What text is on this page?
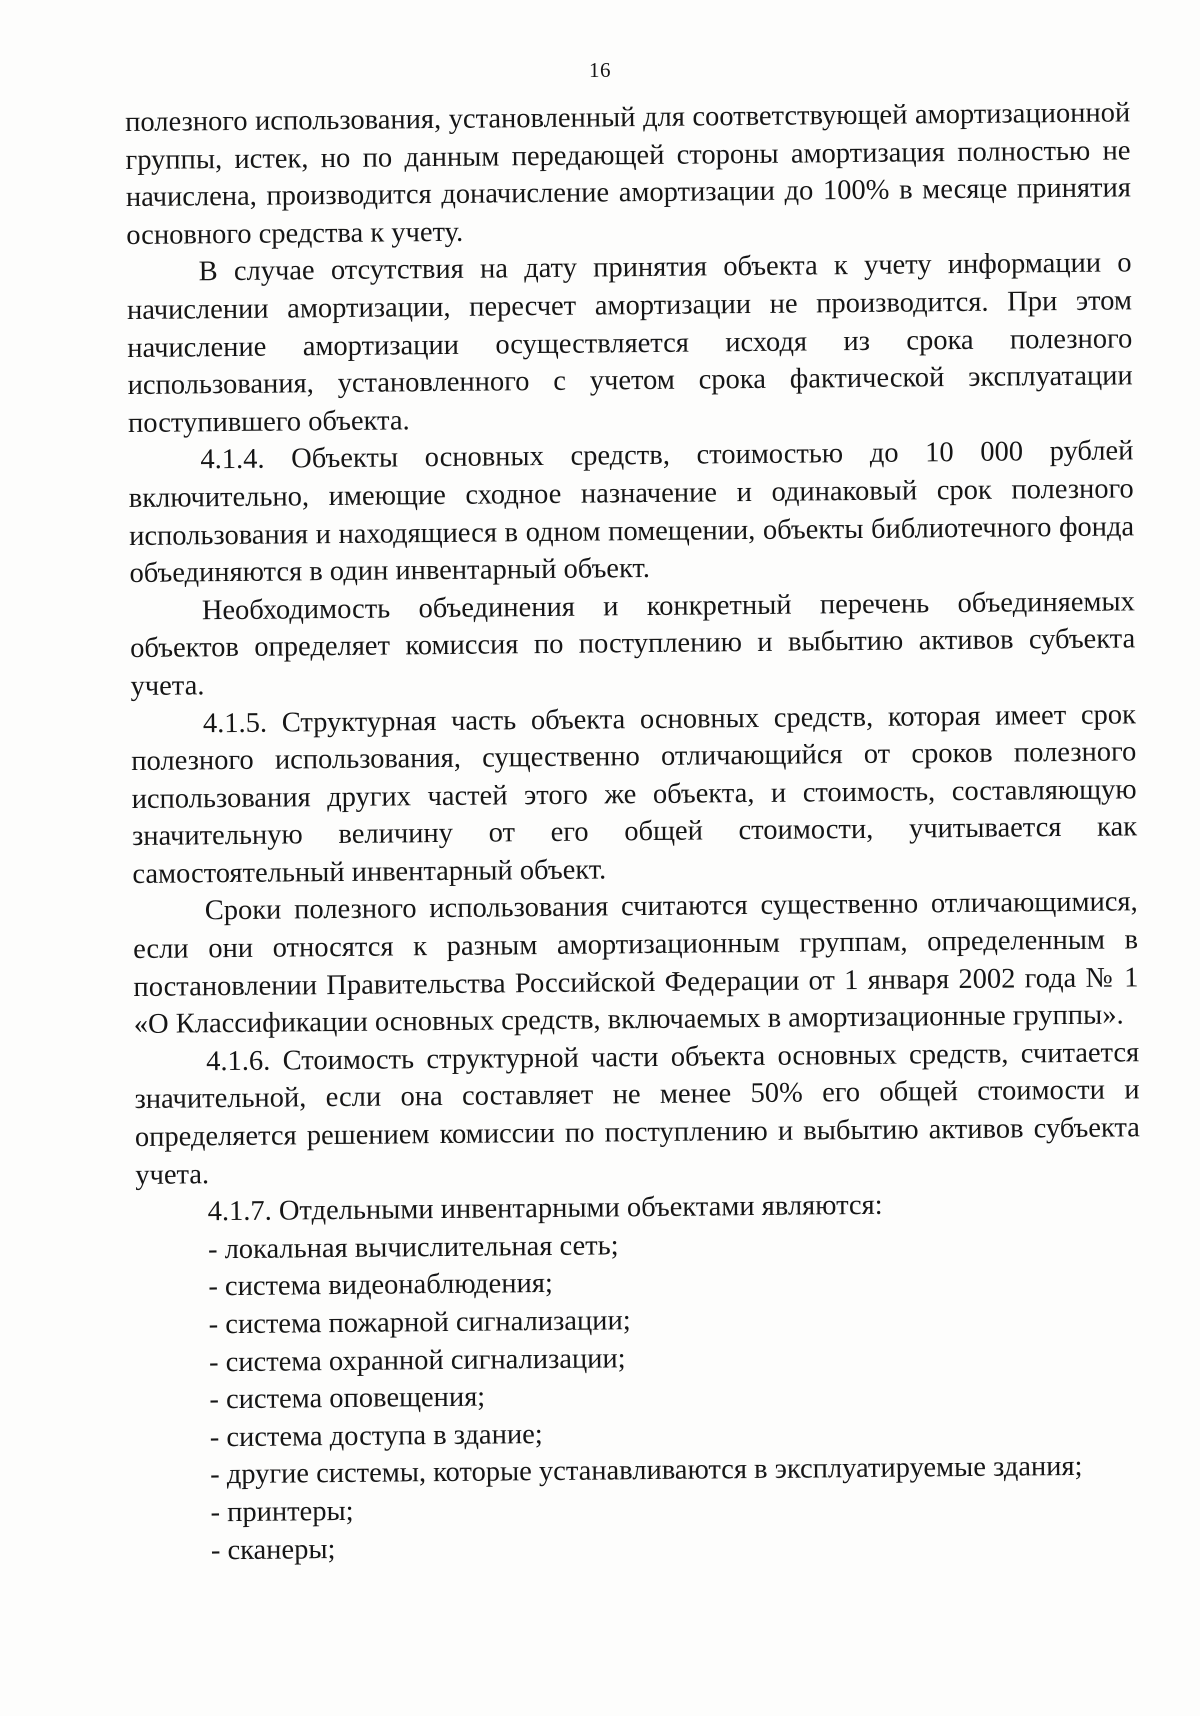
16

полезного использования, установленный для соответствующей амортизационной группы, истек, но по данным передающей стороны амортизация полностью не начислена, производится доначисление амортизации до 100% в месяце принятия основного средства к учету.

В случае отсутствия на дату принятия объекта к учету информации о начислении амортизации, пересчет амортизации не производится. При этом начисление амортизации осуществляется исходя из срока полезного использования, установленного с учетом срока фактической эксплуатации поступившего объекта.

4.1.4. Объекты основных средств, стоимостью до 10 000 рублей включительно, имеющие сходное назначение и одинаковый срок полезного использования и находящиеся в одном помещении, объекты библиотечного фонда объединяются в один инвентарный объект.

Необходимость объединения и конкретный перечень объединяемых объектов определяет комиссия по поступлению и выбытию активов субъекта учета.

4.1.5. Структурная часть объекта основных средств, которая имеет срок полезного использования, существенно отличающийся от сроков полезного использования других частей этого же объекта, и стоимость, составляющую значительную величину от его общей стоимости, учитывается как самостоятельный инвентарный объект.

Сроки полезного использования считаются существенно отличающимися, если они относятся к разным амортизационным группам, определенным в постановлении Правительства Российской Федерации от 1 января 2002 года № 1 «О Классификации основных средств, включаемых в амортизационные группы».

4.1.6. Стоимость структурной части объекта основных средств, считается значительной, если она составляет не менее 50% его общей стоимости и определяется решением комиссии по поступлению и выбытию активов субъекта учета.

4.1.7. Отдельными инвентарными объектами являются:

- локальная вычислительная сеть;

- система видеонаблюдения;

- система пожарной сигнализации;

- система охранной сигнализации;

- система оповещения;

- система доступа в здание;

- другие системы, которые устанавливаются в эксплуатируемые здания;

- принтеры;

- сканеры;
